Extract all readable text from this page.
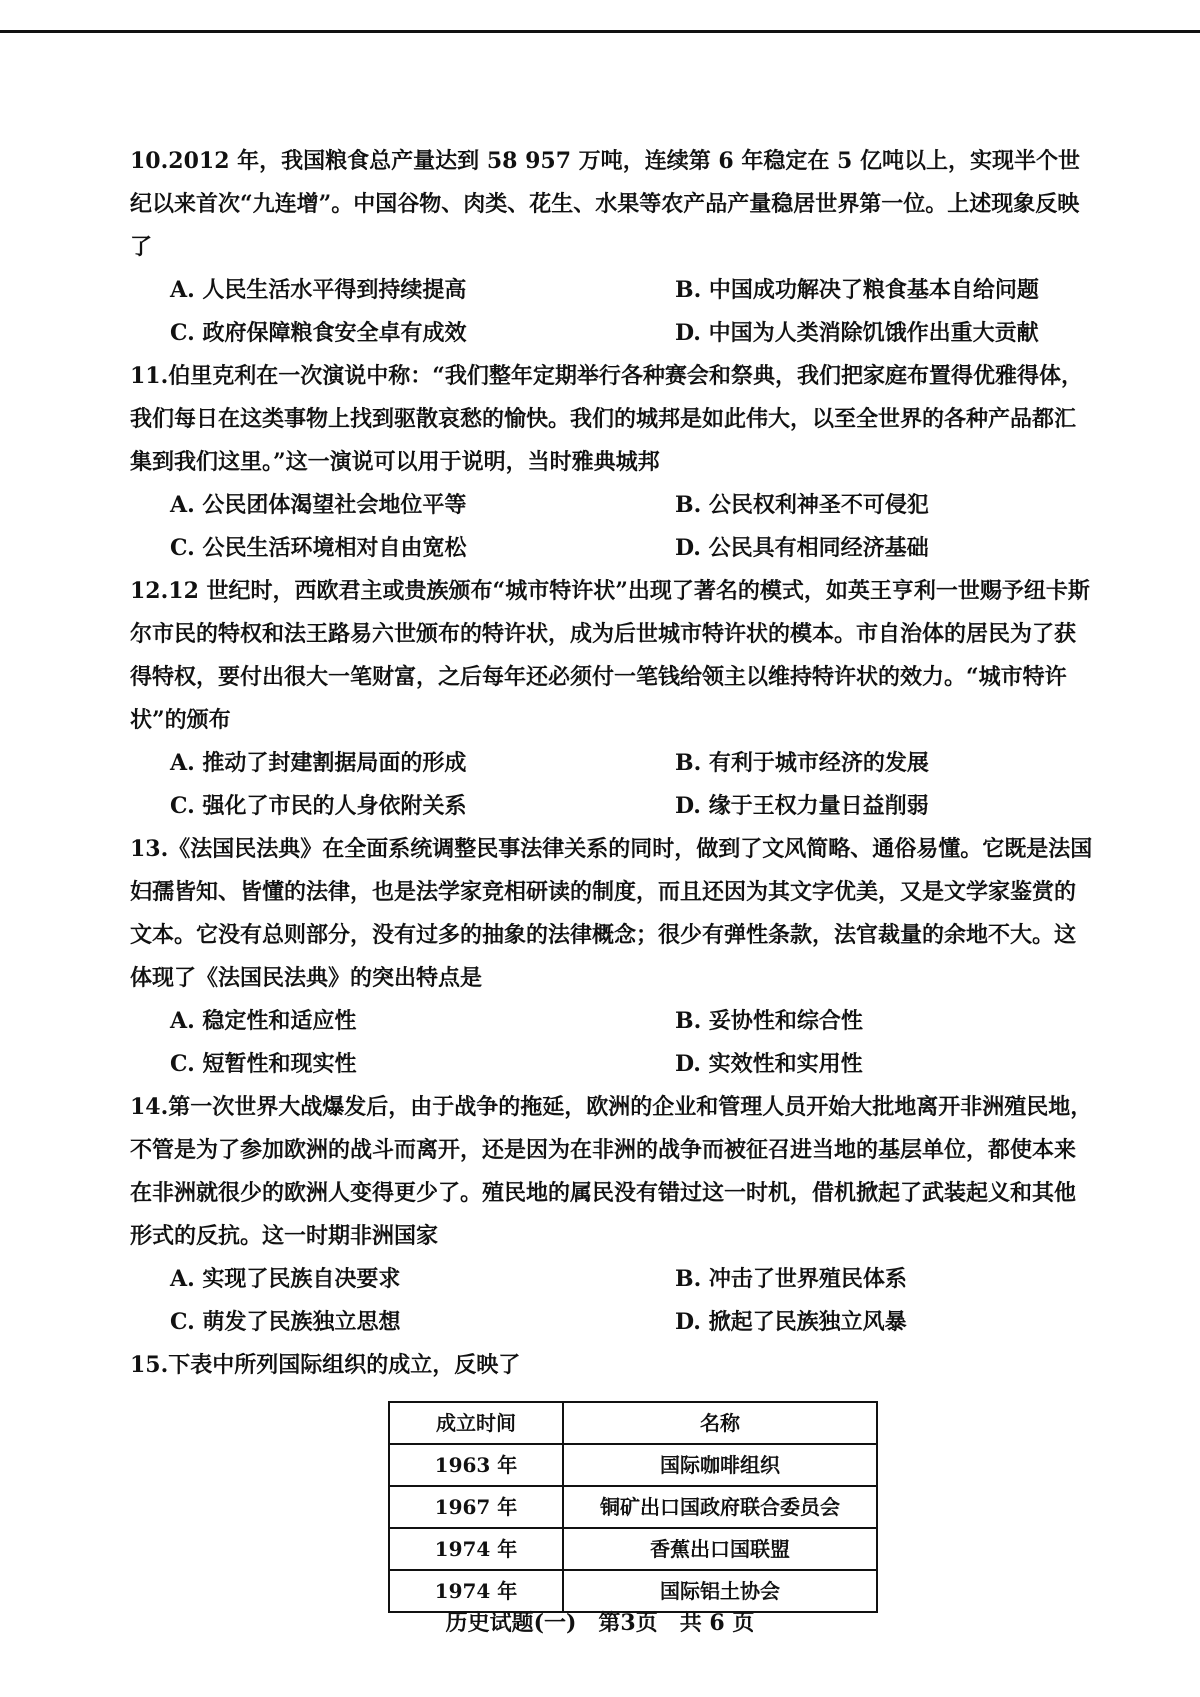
10.2012 年，我国粮食总产量达到 58 957 万吨，连续第 6 年稳定在 5 亿吨以上，实现半个世纪以来首次“九连增”。中国谷物、肉类、花生、水果等农产品产量稳居世界第一位。上述现象反映了
A. 人民生活水平得到持续提高	B. 中国成功解决了粮食基本自给问题
C. 政府保障粮食安全卓有成效	D. 中国为人类消除饥饿作出重大贡献
11.伯里克利在一次演说中称：“我们整年定期举行各种赛会和祭典，我们把家庭布置得优雅得体，我们每日在这类事物上找到驱散哀愁的愉快。我们的城邦是如此伟大，以至全世界的各种产品都汇集到我们这里。”这一演说可以用于说明，当时雅典城邦
A. 公民团体渴望社会地位平等	B. 公民权利神圣不可侵犯
C. 公民生活环境相对自由宽松	D. 公民具有相同经济基础
12.12 世纪时，西欧君主或贵族颁布“城市特许状”出现了著名的模式，如英王亨利一世赐予纽卡斯尔市民的特权和法王路易六世颁布的特许状，成为后世城市特许状的模本。市自治体的居民为了获得特权，要付出很大一笔财富，之后每年还必须付一笔钱给领主以维持特许状的效力。“城市特许状”的颁布
A. 推动了封建割据局面的形成	B. 有利于城市经济的发展
C. 强化了市民的人身依附关系	D. 缘于王权力量日益削弱
13.《法国民法典》在全面系统调整民事法律关系的同时，做到了文风简略、通俗易懂。它既是法国妇孺皆知、皆懂的法律，也是法学家竞相研读的制度，而且还因为其文字优美，又是文学家鉴赏的文本。它没有总则部分，没有过多的抽象的法律概念；很少有弹性条款，法官裁量的余地不大。这体现了《法国民法典》的突出特点是
A. 稳定性和适应性	B. 妥协性和综合性
C. 短暂性和现实性	D. 实效性和实用性
14.第一次世界大战爆发后，由于战争的拖延，欧洲的企业和管理人员开始大批地离开非洲殖民地，不管是为了参加欧洲的战斗而离开，还是因为在非洲的战争而被征召进当地的基层单位，都使本来在非洲就很少的欧洲人变得更少了。殖民地的属民没有错过这一时机，借机掀起了武装起义和其他形式的反抗。这一时期非洲国家
A. 实现了民族自决要求	B. 冲击了世界殖民体系
C. 萌发了民族独立思想	D. 掀起了民族独立风暴
15.下表中所列国际组织的成立，反映了
成立时间	名称
1963 年	国际咖啡组织
1967 年	铜矿出口国政府联合委员会
1974 年	香蕉出口国联盟
1974 年	国际铝土协会
历史试题(一)　第3页　共 6 页
